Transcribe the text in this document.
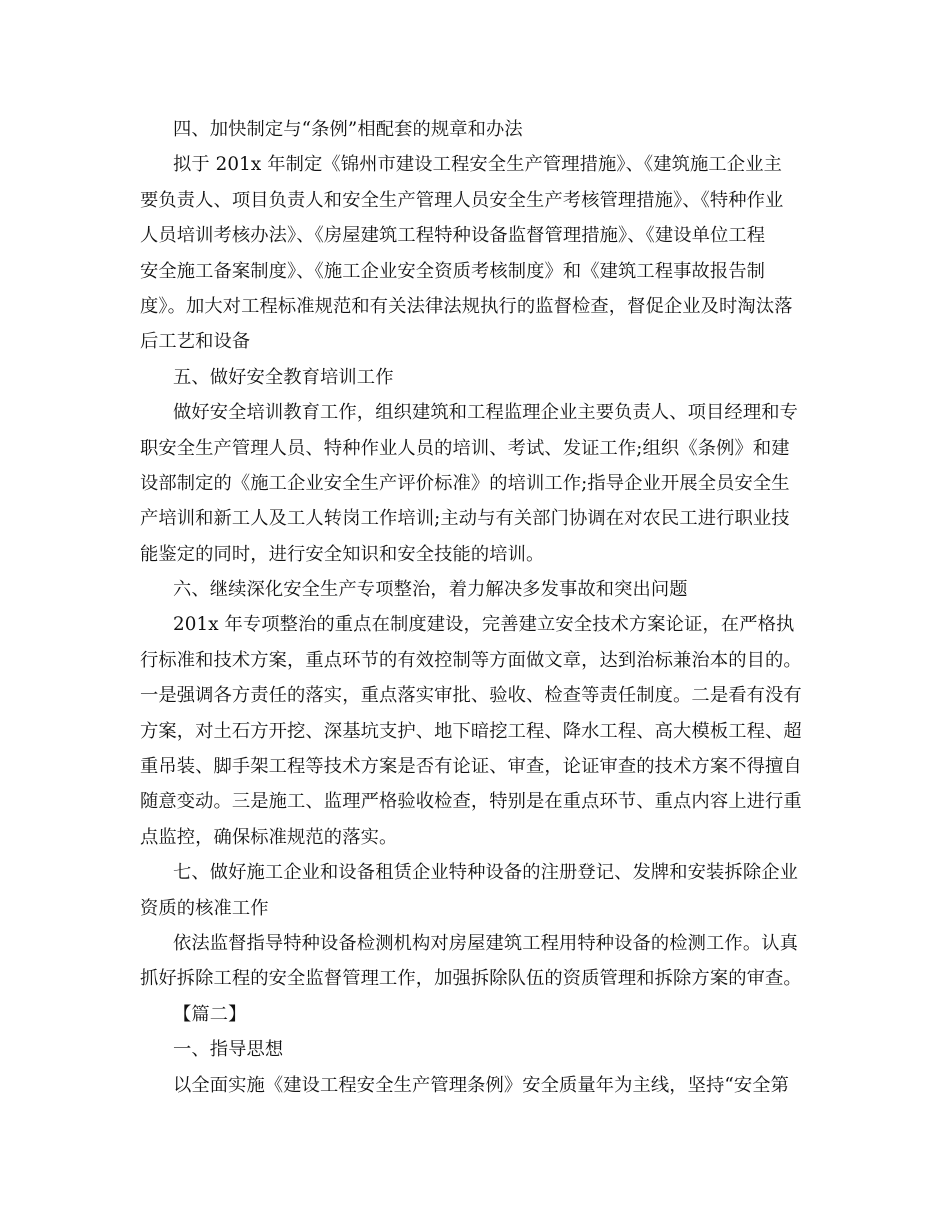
四、加快制定与“条例”相配套的规章和办法
拟于 201x 年制定《锦州市建设工程安全生产管理措施》、《建筑施工企业主
要负责人、项目负责人和安全生产管理人员安全生产考核管理措施》、《特种作业
人员培训考核办法》、《房屋建筑工程特种设备监督管理措施》、《建设单位工程
安全施工备案制度》、《施工企业安全资质考核制度》和《建筑工程事故报告制
度》。加大对工程标准规范和有关法律法规执行的监督检查，督促企业及时淘汰落
后工艺和设备
五、做好安全教育培训工作
做好安全培训教育工作，组织建筑和工程监理企业主要负责人、项目经理和专
职安全生产管理人员、特种作业人员的培训、考试、发证工作;组织《条例》和建
设部制定的《施工企业安全生产评价标准》的培训工作;指导企业开展全员安全生
产培训和新工人及工人转岗工作培训;主动与有关部门协调在对农民工进行职业技
能鉴定的同时，进行安全知识和安全技能的培训。
六、继续深化安全生产专项整治，着力解决多发事故和突出问题
201x 年专项整治的重点在制度建设，完善建立安全技术方案论证，在严格执
行标准和技术方案，重点环节的有效控制等方面做文章，达到治标兼治本的目的。
一是强调各方责任的落实，重点落实审批、验收、检查等责任制度。二是看有没有
方案，对土石方开挖、深基坑支护、地下暗挖工程、降水工程、高大模板工程、超
重吊装、脚手架工程等技术方案是否有论证、审查，论证审查的技术方案不得擅自
随意变动。三是施工、监理严格验收检查，特别是在重点环节、重点内容上进行重
点监控，确保标准规范的落实。
七、做好施工企业和设备租赁企业特种设备的注册登记、发牌和安装拆除企业
资质的核准工作
依法监督指导特种设备检测机构对房屋建筑工程用特种设备的检测工作。认真
抓好拆除工程的安全监督管理工作，加强拆除队伍的资质管理和拆除方案的审查。
【篇二】
一、指导思想
以全面实施《建设工程安全生产管理条例》安全质量年为主线，坚持“安全第
